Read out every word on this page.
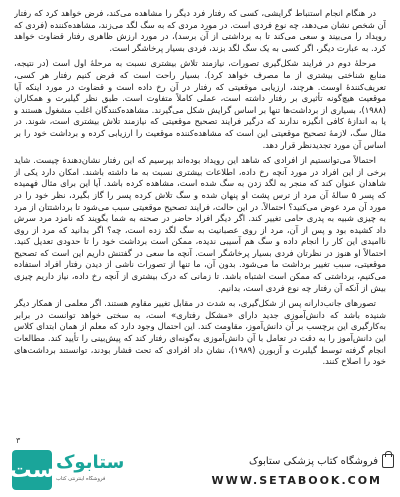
در هنگام انجام استنباط گرایشی، کسی که رفتار فرد دیگر را مشاهده می‌کند، فرض خواهد کرد که رفتار آن شخص نشان می‌دهد، چه نوع فردی است. در مورد مردی که به سگ لگد می‌زند، مشاهده‌کننده (فردی که رویداد را می‌بیند و سعی می‌کند تا به برداشتی از آن برسد)، در مورد ارزش ظاهری رفتار قضاوت خواهد کرد. به عبارت دیگر، اگر کسی به یک سگ لگد بزند، فردی بسیار پرخاشگر است.

مرحلهٔ دوم در فرایند شکل‌گیری تصورات، نیازمند تلاش بیشتری نسبت به مرحلهٔ اول است (در نتیجه، منابع شناختی بیشتری از ما مصرف خواهد کرد). بسیار راحت است که فرض کنیم رفتار هر کسی، تعریف‌کنندهٔ اوست. هرچند، ارزیابی موقعیتی که رفتار در آن رخ داده است و قضاوت در مورد اینکه آیا موقعیت هیچ‌گونه تأثیری بر رفتار داشته است، عملی کاملاً متفاوت است. طبق نظر گیلبرت و همکاران (۱۹۸۸)، بسیاری از برداشت‌ها تنها بر اساس گرایش شکل می‌گیرند. مشاهده‌کنندگان اغلب مشغول هستند و یا به اندازهٔ کافی انگیزه ندارند که درگیر فرایند تصحیح موقعیتی که نیازمند تلاش بیشتری است، شوند. در مثال سگ، لازمهٔ تصحیح موقعیتی این است که مشاهده‌کننده موقعیت را ارزیابی کرده و برداشت خود را بر اساس آن مورد تجدیدنظر قرار دهد.

احتمالاً می‌توانستیم از افرادی که شاهد این رویداد بوده‌اند بپرسیم که این رفتار نشان‌دهندهٔ چیست. شاید برخی از این افراد در مورد آنچه رخ داده، اطلاعات بیشتری نسبت به ما داشته باشند. امکان دارد یکی از شاهدان عنوان کند که منجر به لگد زدن به سگ شده است، مشاهده کرده باشد. آیا این برای مثال فهمیده که پسر ۵ سالهٔ آن مرد از ترس پشت او پنهان شده و سگ تلاش کرده پسر را گاز بگیرد، نظر خود را در مورد آن مرد عوض می‌کنید؟ احتمالاً. در این حالت، فرایند تصحیح موقعیتی سبب می‌شود تا برداشتتان از مرد به چیزی شبیه به پدری حامی تغییر کند. اگر دیگر افراد حاضر در صحنه به شما بگویند که نامزد مرد سرش داد کشیده بود و پس از آن، مرد از روی عصبانیت به سگ لگد زده است، چه؟ اگر بدانید که مرد از روی ناامیدی این کار را انجام داده و سگ هم آسیبی ندیده، ممکن است برداشت خود را تا حدودی تعدیل کنید. احتمالاً او هنوز در نظرتان فردی بسیار پرخاشگر است. آنچه ما سعی در گفتنش داریم این است که تصحیح موقعیتی، سبب تغییر برداشت ما می‌شود. بدون آن، ما تنها از تصورات ناشی از دیدن رفتار افراد استفاده می‌کنیم، برداشتی که ممکن است اشتباه باشد. تا زمانی که درک بیشتری از آنچه رخ داده، نیاز داریم چیزی بیش از آنکه آن رفتار چه نوع فردی است، بدانیم.

تصورهای جانب‌دارانه پس از شکل‌گیری، به شدت در مقابل تغییر مقاوم هستند. اگر معلمی از همکار دیگر شنیده باشد که دانش‌آموزی جدید دارای «مشکل رفتاری» است، به سختی خواهد توانست در برابر به‌کارگیری این برچسب بر آن دانش‌آموز، مقاومت کند. این احتمال وجود دارد که معلم از همان ابتدای کلاس این دانش‌آموز را به دقت در تعامل با آن دانش‌آموزی به‌گونه‌ای رفتار کند که پیش‌بینی را تأیید کند. مطالعات انجام گرفته توسط گیلبرت و آزبورن (۱۹۸۹)، نشان داد افرادی که تحت فشار بودند، توانستند برداشت‌های خود را اصلاح کنند.

۳
ست ستابوک
فروشگاه اینترنتی کتاب
فروشگاه کتاب پزشکی ستابوک
WWW.SETABOOK.COM
